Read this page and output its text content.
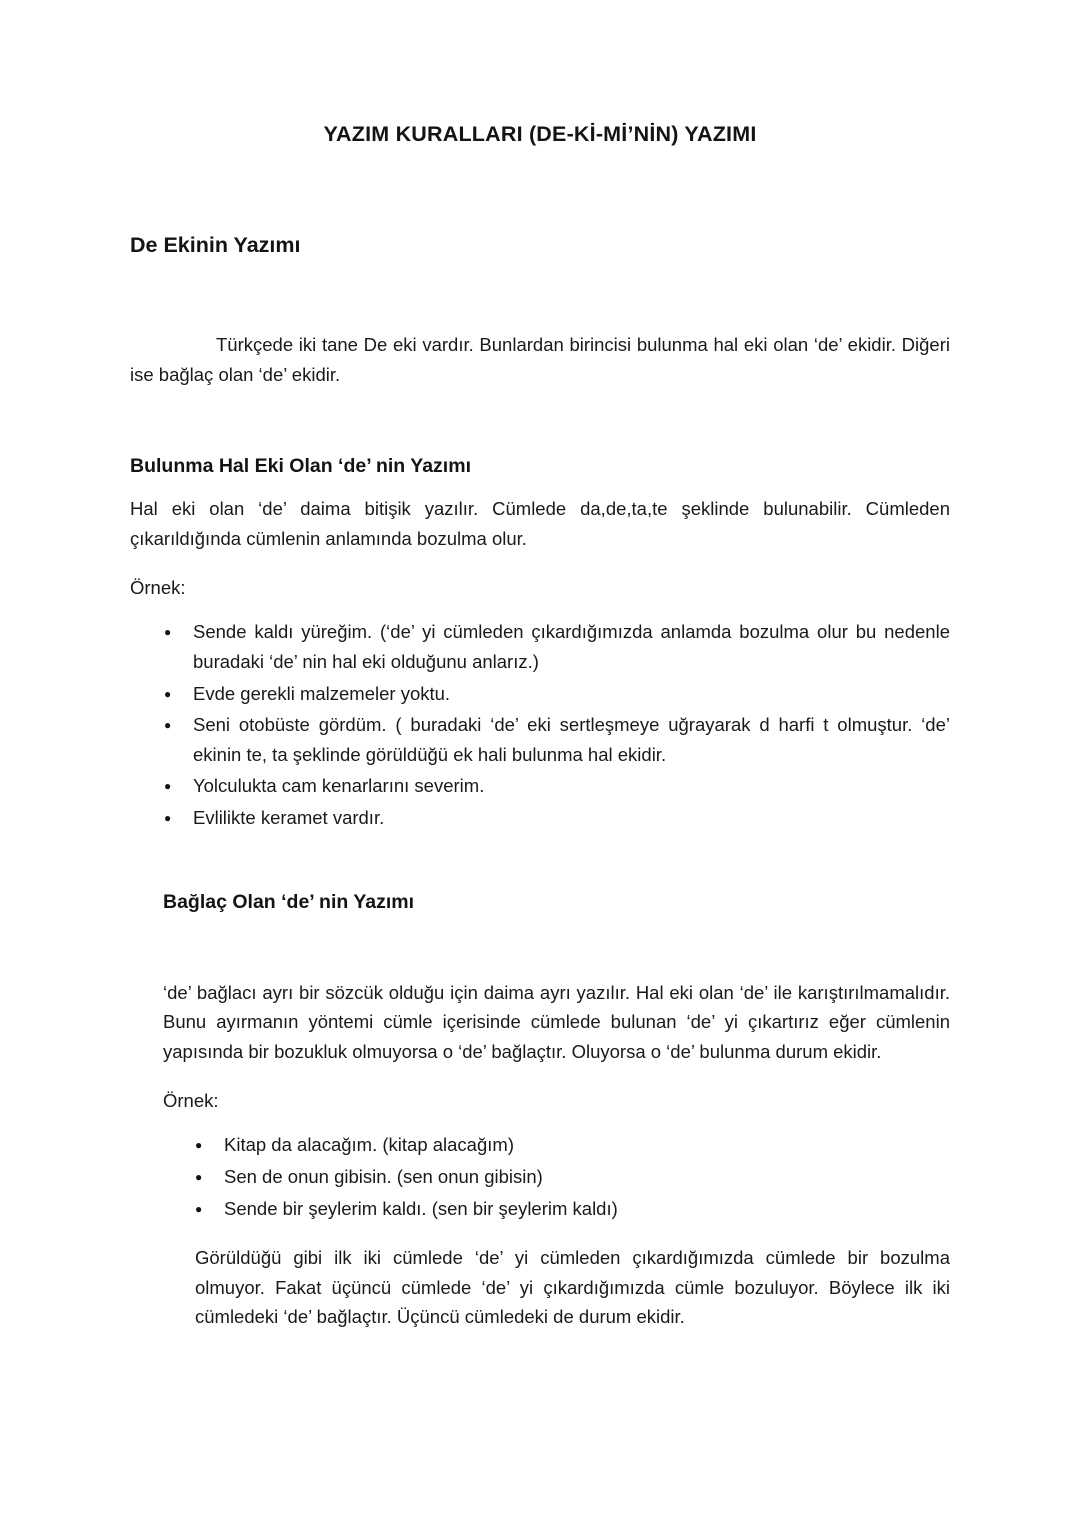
YAZIM KURALLARI (DE-Kİ-Mİ’NİN) YAZIMI
De Ekinin Yazımı

Türkçede iki tane De eki vardır. Bunlardan birincisi bulunma hal eki olan ‘de’ ekidir. Diğeri ise bağlaç olan ‘de’ ekidir.

Bulunma Hal Eki Olan ‘de’ nin Yazımı

Hal eki olan ‘de’ daima bitişik yazılır. Cümlede da,de,ta,te şeklinde bulunabilir. Cümleden çıkarıldığında cümlenin anlamında bozulma olur.

Örnek:
● Sende kaldı yüreğim. (‘de’ yi cümleden çıkardığımızda anlamda bozulma olur bu nedenle buradaki ‘de’ nin hal eki olduğunu anlarız.)
● Evde gerekli malzemeler yoktu.
● Seni otobüste gördüm. ( buradaki ‘de’ eki sertleşmeye uğrayarak d harfi t olmuştur. ‘de’ ekinin te, ta şeklinde görüldüğü ek hali bulunma hal ekidir.
● Yolculukta cam kenarlarını severim.
● Evlilikte keramet vardır.
Bağlaç Olan ‘de’ nin Yazımı

‘de’ bağlacı ayrı bir sözcük olduğu için daima ayrı yazılır. Hal eki olan ‘de’ ile karıştırılmamalıdır. Bunu ayırmanın yöntemi cümle içerisinde cümlede bulunan ‘de’ yi çıkartırız eğer cümlenin yapısında bir bozukluk olmuyorsa o ‘de’ bağlaçtır. Oluyorsa o ‘de’ bulunma durum ekidir.

Örnek:
● Kitap da alacağım. (kitap alacağım)
● Sen de onun gibisin. (sen onun gibisin)
● Sende bir şeylerim kaldı. (sen bir şeylerim kaldı)

Görüldüğü gibi ilk iki cümlede ‘de’ yi cümleden çıkardığımızda cümlede bir bozulma olmuyor. Fakat üçüncü cümlede ‘de’ yi çıkardığımızda cümle bozuluyor. Böylece ilk iki cümledeki ‘de’ bağlaçtır. Üçüncü cümledeki de durum ekidir.
